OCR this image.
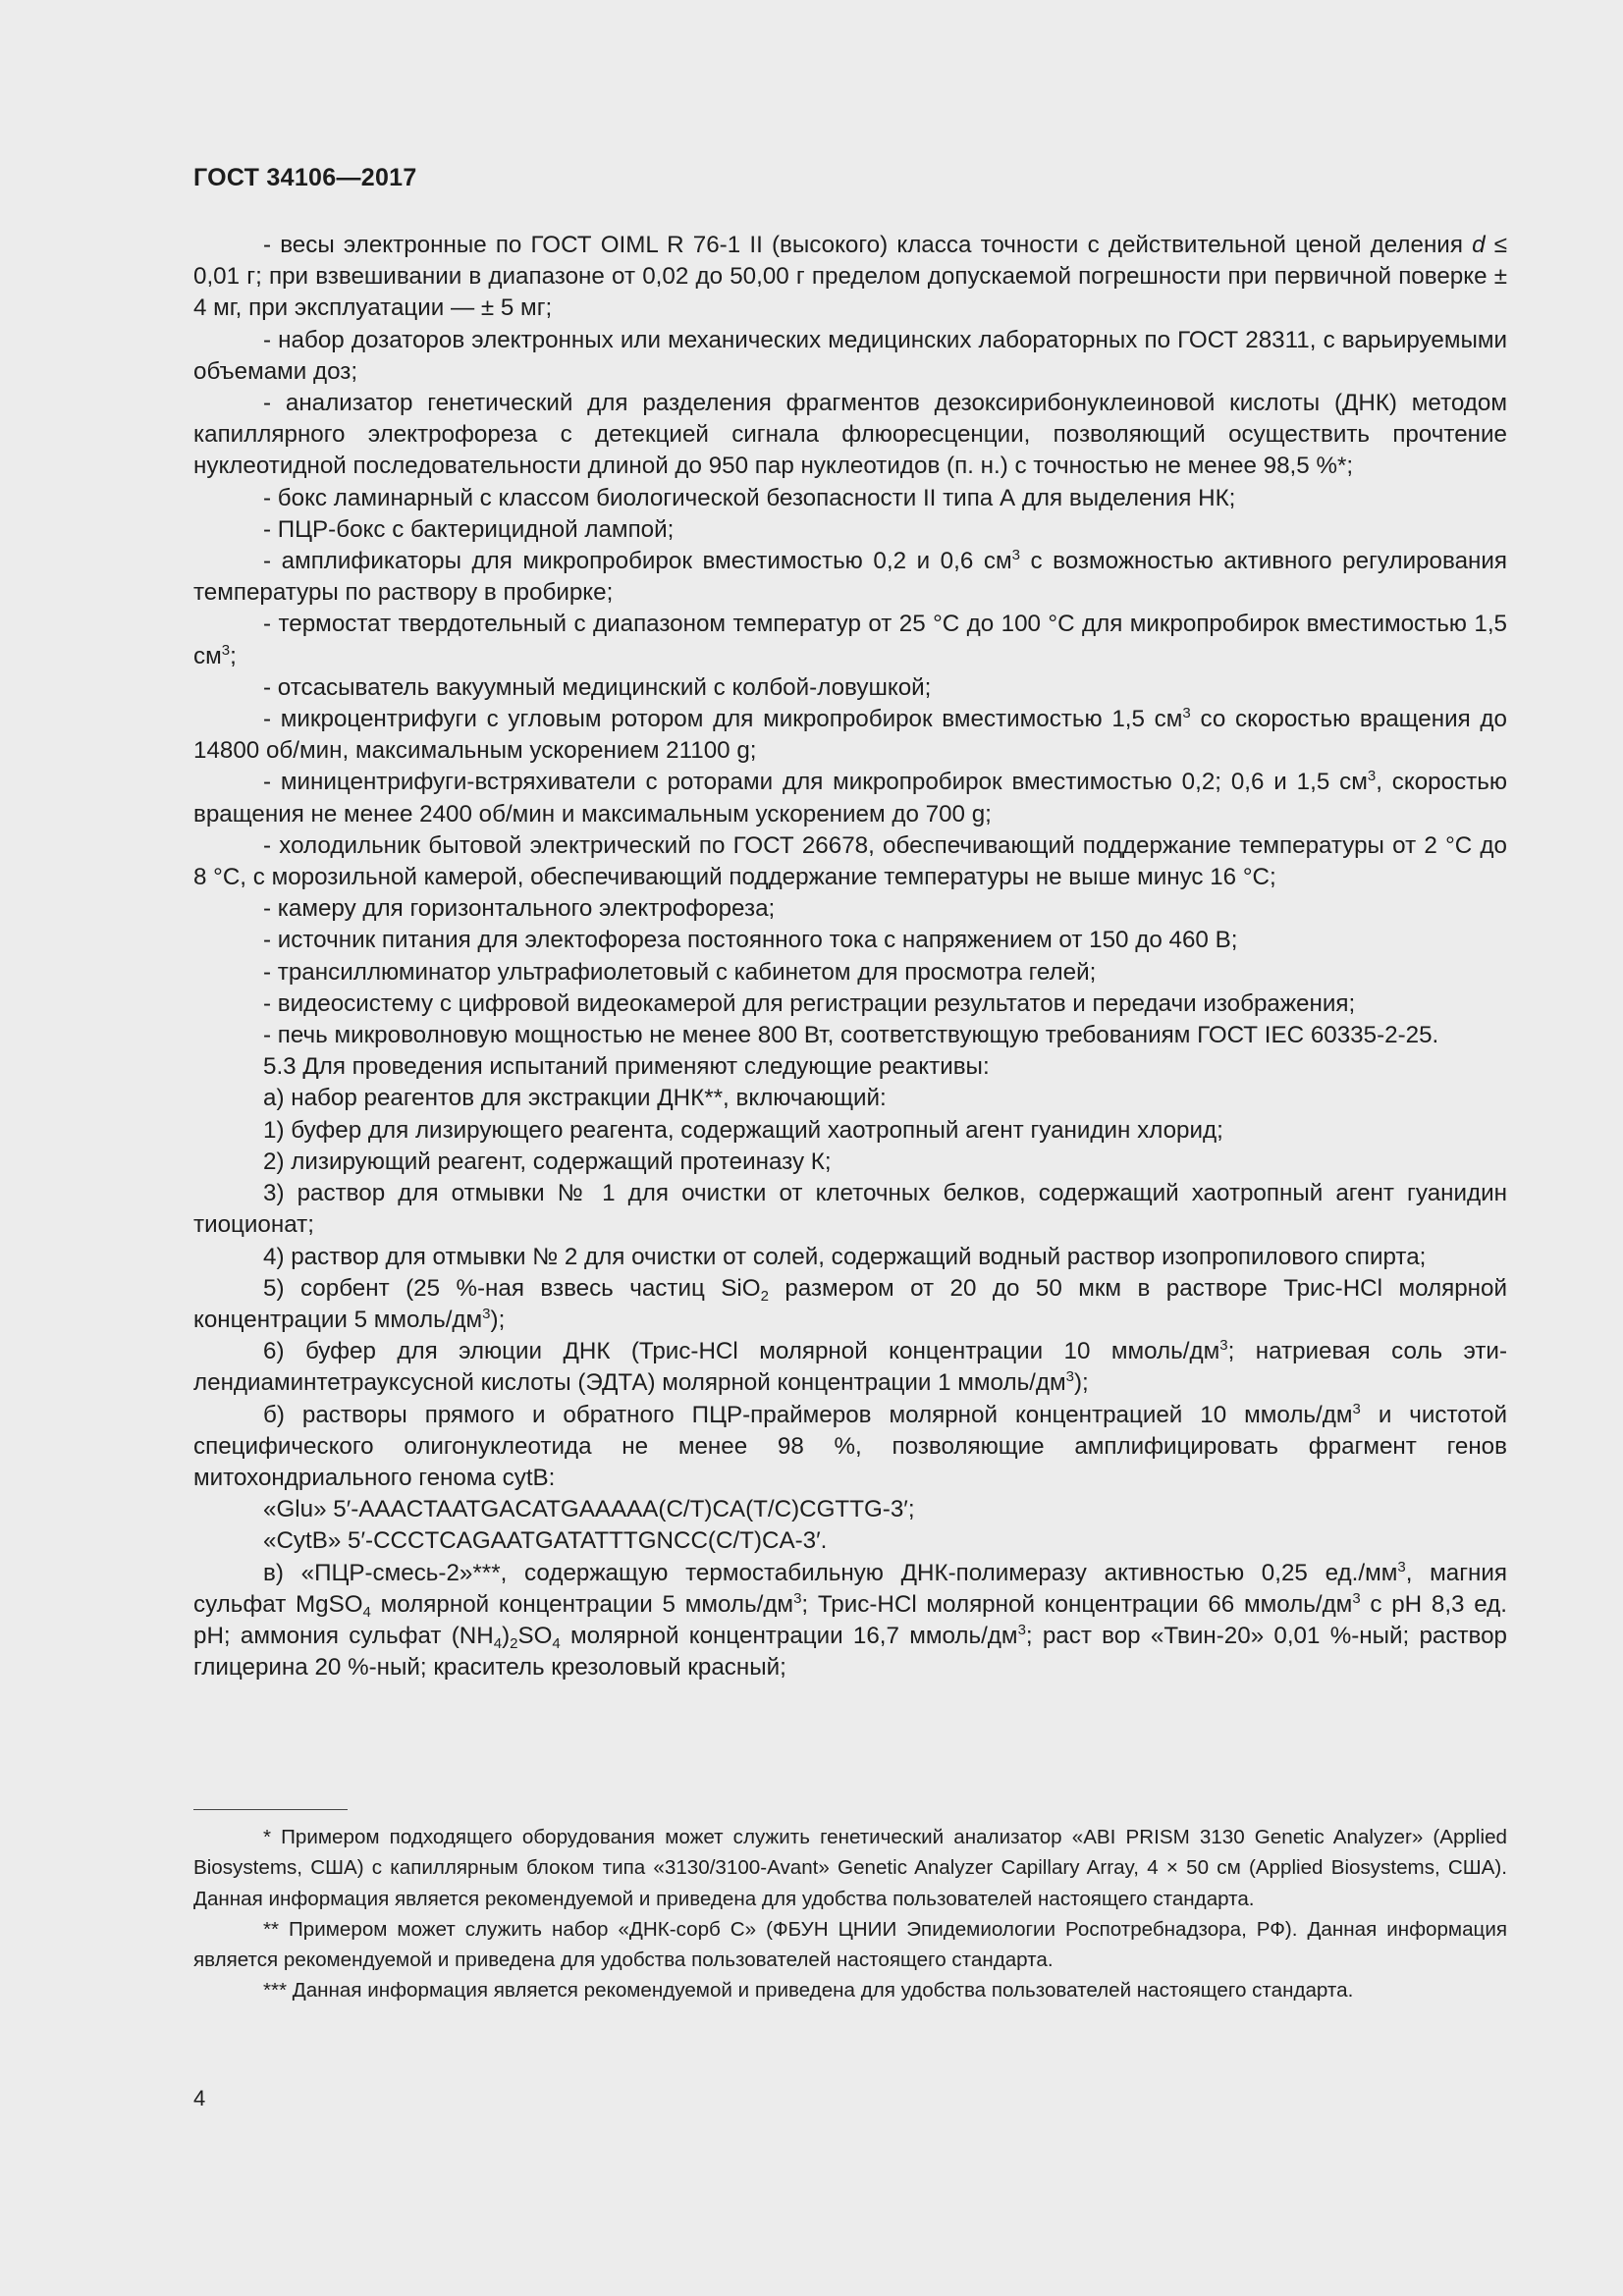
ГОСТ 34106—2017

- весы электронные по ГОСТ OIML R 76-1 II (высокого) класса точности с действительной ценой деления d ≤ 0,01 г; при взвешивании в диапазоне от 0,02 до 50,00 г пределом допускаемой погрешности при первичной поверке ± 4 мг, при эксплуатации — ± 5 мг;

- набор дозаторов электронных или механических медицинских лабораторных по ГОСТ 28311, с варьируемыми объемами доз;

- анализатор генетический для разделения фрагментов дезоксирибонуклеиновой кислоты (ДНК) методом капиллярного электрофореза с детекцией сигнала флюоресценции, позволяющий осуществить прочтение нуклеотидной последовательности длиной до 950 пар нуклеотидов (п. н.) с точностью не менее 98,5 %*;

- бокс ламинарный с классом биологической безопасности II типа А для выделения НК;

- ПЦР-бокс с бактерицидной лампой;

- амплификаторы для микропробирок вместимостью 0,2 и 0,6 $см^3$ с возможностью активного регулирования температуры по раствору в пробирке;

- термостат твердотельный с диапазоном температур от 25 °С до 100 °С для микропробирок вместимостью 1,5 $см^3$;

- отсасыватель вакуумный медицинский с колбой-ловушкой;

- микроцентрифуги с угловым ротором для микропробирок вместимостью 1,5 $см^3$ со скоростью вращения до 14800 об/мин, максимальным ускорением 21100 g;

- миницентрифуги-встряхиватели с роторами для микропробирок вместимостью 0,2; 0,6 и 1,5 $см^3$, скоростью вращения не менее 2400 об/мин и максимальным ускорением до 700 g;

- холодильник бытовой электрический по ГОСТ 26678, обеспечивающий поддержание температуры от 2 °С до 8 °С, с морозильной камерой, обеспечивающий поддержание температуры не выше минус 16 °С;

- камеру для горизонтального электрофореза;

- источник питания для электофореза постоянного тока с напряжением от 150 до 460 В;

- трансиллюминатор ультрафиолетовый с кабинетом для просмотра гелей;

- видеосистему с цифровой видеокамерой для регистрации результатов и передачи изображения;

- печь микроволновую мощностью не менее 800 Вт, соответствующую требованиям ГОСТ IEC 60335-2-25.

5.3 Для проведения испытаний применяют следующие реактивы:

а) набор реагентов для экстракции ДНК**, включающий:

1) буфер для лизирующего реагента, содержащий хаотропный агент гуанидин хлорид;

2) лизирующий реагент, содержащий протеиназу К;

3) раствор для отмывки № 1 для очистки от клеточных белков, содержащий хаотропный агент гуанидин тиоционат;

4) раствор для отмывки № 2 для очистки от солей, содержащий водный раствор изопропилового спирта;

5) сорбент (25 %-ная взвесь частиц SiO$_2$ размером от 20 до 50 мкм в растворе Трис-HCl молярной концентрации 5 ммоль/$дм^3$);

6) буфер для элюции ДНК (Трис-HCl молярной концентрации 10 ммоль/$дм^3$; натриевая соль этилендиаминтетрауксусной кислоты (ЭДТА) молярной концентрации 1 ммоль/$дм^3$);

б) растворы прямого и обратного ПЦР-праймеров молярной концентрацией 10 ммоль/$дм^3$ и чистотой специфического олигонуклеотида не менее 98 %, позволяющие амплифицировать фрагмент генов митохондриального генома cytB:

«Glu» 5′-AAACTAATGACATGAAAAA(C/T)CA(T/C)CGTTG-3′;

«CytB» 5′-CCCTCAGAATGATATTTGNCC(C/T)CA-3′.

в) «ПЦР-смесь-2»***, содержащую термостабильную ДНК-полимеразу активностью 0,25 $ед./мм^3$, магния сульфат MgSO$_4$ молярной концентрации 5 ммоль/$дм^3$; Трис-HCl молярной концентрации 66 ммоль/$дм^3$ с pH 8,3 ед. pH; аммония сульфат $(NH_4)_2SO_4$ молярной концентрации 16,7 ммоль/$дм^3$; раст вор «Твин-20» 0,01 %-ный; раствор глицерина 20 %-ный; краситель крезоловый красный;

* Примером подходящего оборудования может служить генетический анализатор «ABI PRISM 3130 Genetic Analyzer» (Applied Biosystems, США) с капиллярным блоком типа «3130/3100-Avant» Genetic Analyzer Capillary Array, 4 × 50 см (Applied Biosystems, США). Данная информация является рекомендуемой и приведена для удобства пользователей настоящего стандарта.

** Примером может служить набор «ДНК-сорб С» (ФБУН ЦНИИ Эпидемиологии Роспотребнадзора, РФ). Данная информация является рекомендуемой и приведена для удобства пользователей настоящего стандарта.

*** Данная информация является рекомендуемой и приведена для удобства пользователей настоящего стандарта.

4
